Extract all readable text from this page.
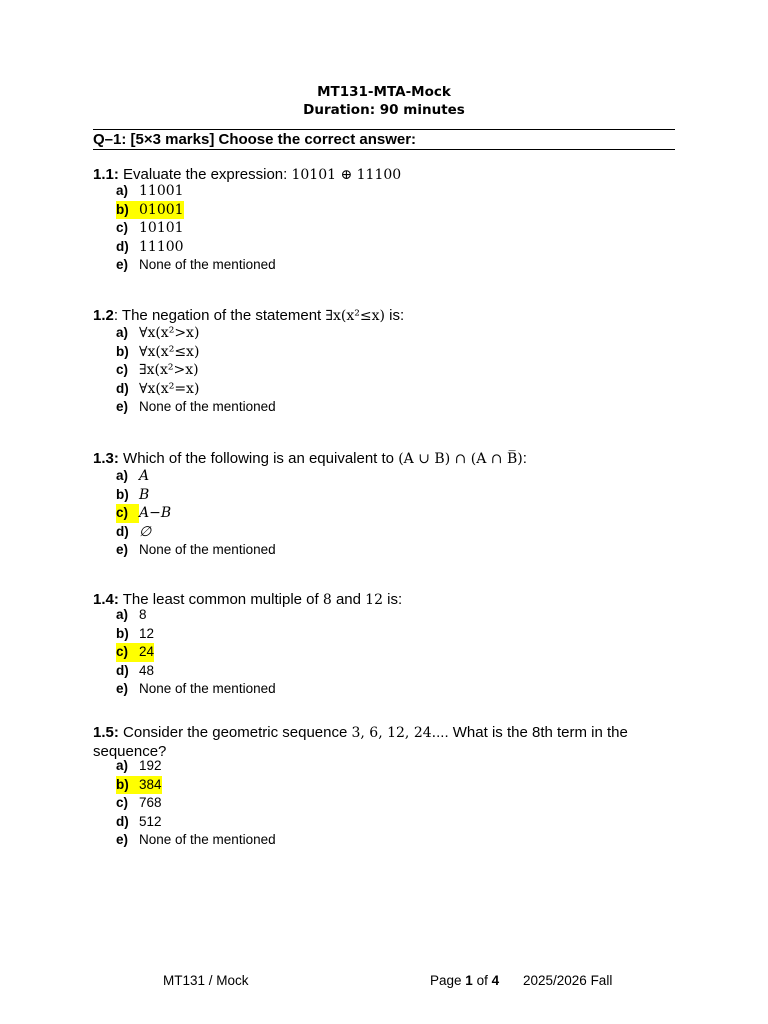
MT131-MTA-Mock
Duration: 90 minutes
Q–1: [5×3 marks] Choose the correct answer:
1.1: Evaluate the expression: 10101 ⊕ 11100
a) 11001
b) 01001
c) 10101
d) 11100
e) None of the mentioned
1.2: The negation of the statement ∃x(x²≤x) is:
a) ∀x(x²>x)
b) ∀x(x²≤x)
c) ∃x(x²>x)
d) ∀x(x²=x)
e) None of the mentioned
1.3: Which of the following is an equivalent to (A ∪ B) ∩ (A ∩ B̅):
a) A
b) B
c) A−B
d) ∅
e) None of the mentioned
1.4: The least common multiple of 8 and 12 is:
a) 8
b) 12
c) 24
d) 48
e) None of the mentioned
1.5: Consider the geometric sequence 3, 6, 12, 24.... What is the 8th term in the sequence?
a) 192
b) 384
c) 768
d) 512
e) None of the mentioned
MT131 / Mock	Page 1 of 4 2025/2026 Fall
